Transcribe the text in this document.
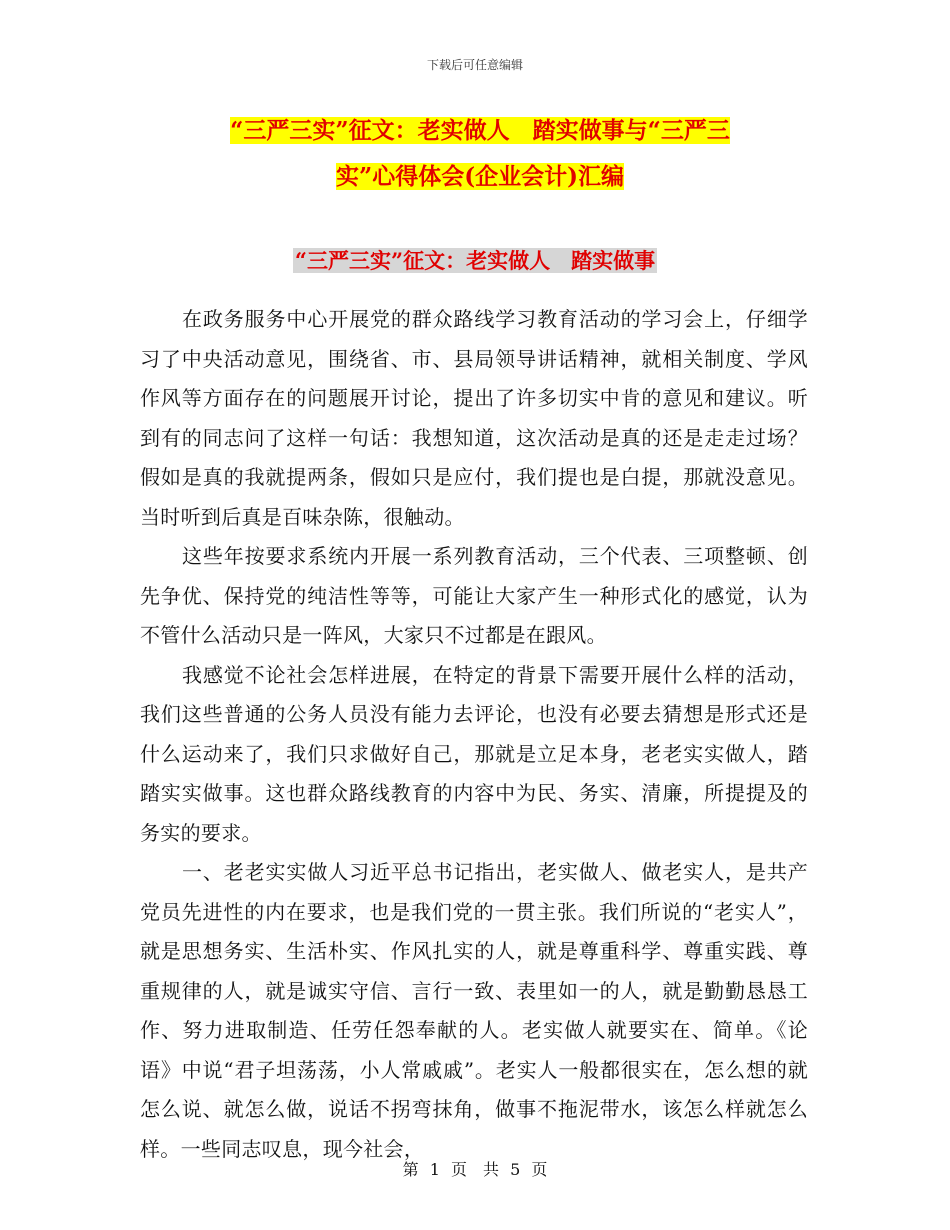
下载后可任意编辑
“三严三实”征文：老实做人　踏实做事与“三严三
实”心得体会(企业会计)汇编
“三严三实”征文：老实做人　踏实做事

在政务服务中心开展党的群众路线学习教育活动的学习会上，仔细学习了中央活动意见，围绕省、市、县局领导讲话精神，就相关制度、学风作风等方面存在的问题展开讨论，提出了许多切实中肯的意见和建议。听到有的同志问了这样一句话：我想知道，这次活动是真的还是走走过场？假如是真的我就提两条，假如只是应付，我们提也是白提，那就没意见。当时听到后真是百味杂陈，很触动。

这些年按要求系统内开展一系列教育活动，三个代表、三项整顿、创先争优、保持党的纯洁性等等，可能让大家产生一种形式化的感觉，认为不管什么活动只是一阵风，大家只不过都是在跟风。

我感觉不论社会怎样进展，在特定的背景下需要开展什么样的活动，我们这些普通的公务人员没有能力去评论，也没有必要去猜想是形式还是什么运动来了，我们只求做好自己，那就是立足本身，老老实实做人，踏踏实实做事。这也群众路线教育的内容中为民、务实、清廉，所提提及的务实的要求。

一、老老实实做人习近平总书记指出，老实做人、做老实人，是共产党员先进性的内在要求，也是我们党的一贯主张。我们所说的“老实人”，就是思想务实、生活朴实、作风扎实的人，就是尊重科学、尊重实践、尊重规律的人，就是诚实守信、言行一致、表里如一的人，就是勤勤恳恳工作、努力进取制造、任劳任怨奉献的人。老实做人就要实在、简单。《论语》中说“君子坦荡荡，小人常戚戚”。老实人一般都很实在，怎么想的就怎么说、就怎么做，说话不拐弯抹角，做事不拖泥带水，该怎么样就怎么样。一些同志叹息，现今社会，

第 1 页　共 5 页
